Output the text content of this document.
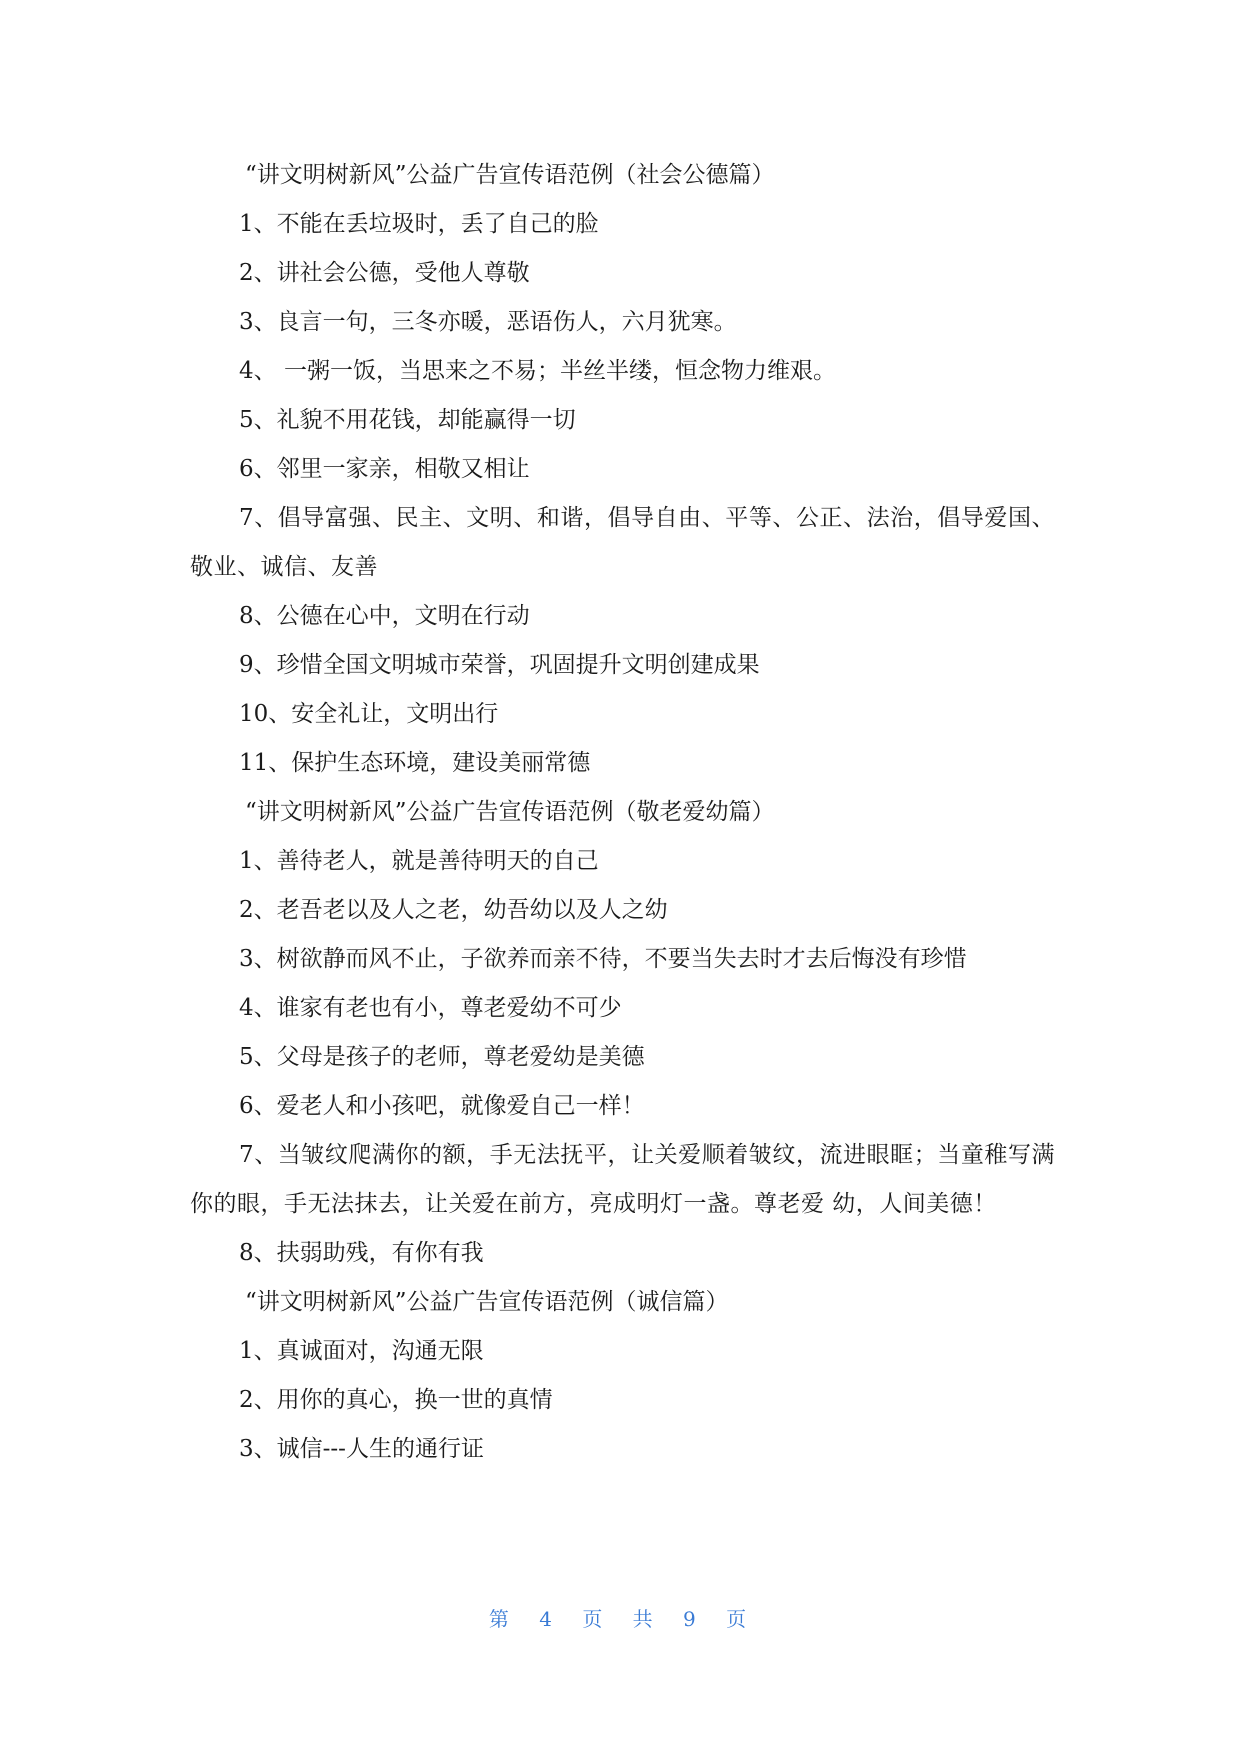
“讲文明树新风”公益广告宣传语范例（社会公德篇）

1、不能在丢垃圾时，丢了自己的脸

2、讲社会公德，受他人尊敬

3、良言一句，三冬亦暖，恶语伤人，六月犹寒。

4、 一粥一饭，当思来之不易；半丝半缕，恒念物力维艰。

5、礼貌不用花钱，却能赢得一切

6、邻里一家亲，相敬又相让

7、倡导富强、民主、文明、和谐，倡导自由、平等、公正、法治，倡导爱国、敬业、诚信、友善

8、公德在心中，文明在行动

9、珍惜全国文明城市荣誉，巩固提升文明创建成果

10、安全礼让，文明出行

11、保护生态环境，建设美丽常德

“讲文明树新风”公益广告宣传语范例（敬老爱幼篇）

1、善待老人，就是善待明天的自己

2、老吾老以及人之老，幼吾幼以及人之幼

3、树欲静而风不止，子欲养而亲不待，不要当失去时才去后悔没有珍惜

4、谁家有老也有小，尊老爱幼不可少

5、父母是孩子的老师，尊老爱幼是美德

6、爱老人和小孩吧，就像爱自己一样！

7、当皱纹爬满你的额，手无法抚平，让关爱顺着皱纹，流进眼眶；当童稚写满你的眼，手无法抹去，让关爱在前方，亮成明灯一盏。尊老爱 幼，人间美德！

8、扶弱助残，有你有我

“讲文明树新风”公益广告宣传语范例（诚信篇）

1、真诚面对，沟通无限

2、用你的真心，换一世的真情

3、诚信---人生的通行证

第 4 页 共 9 页
